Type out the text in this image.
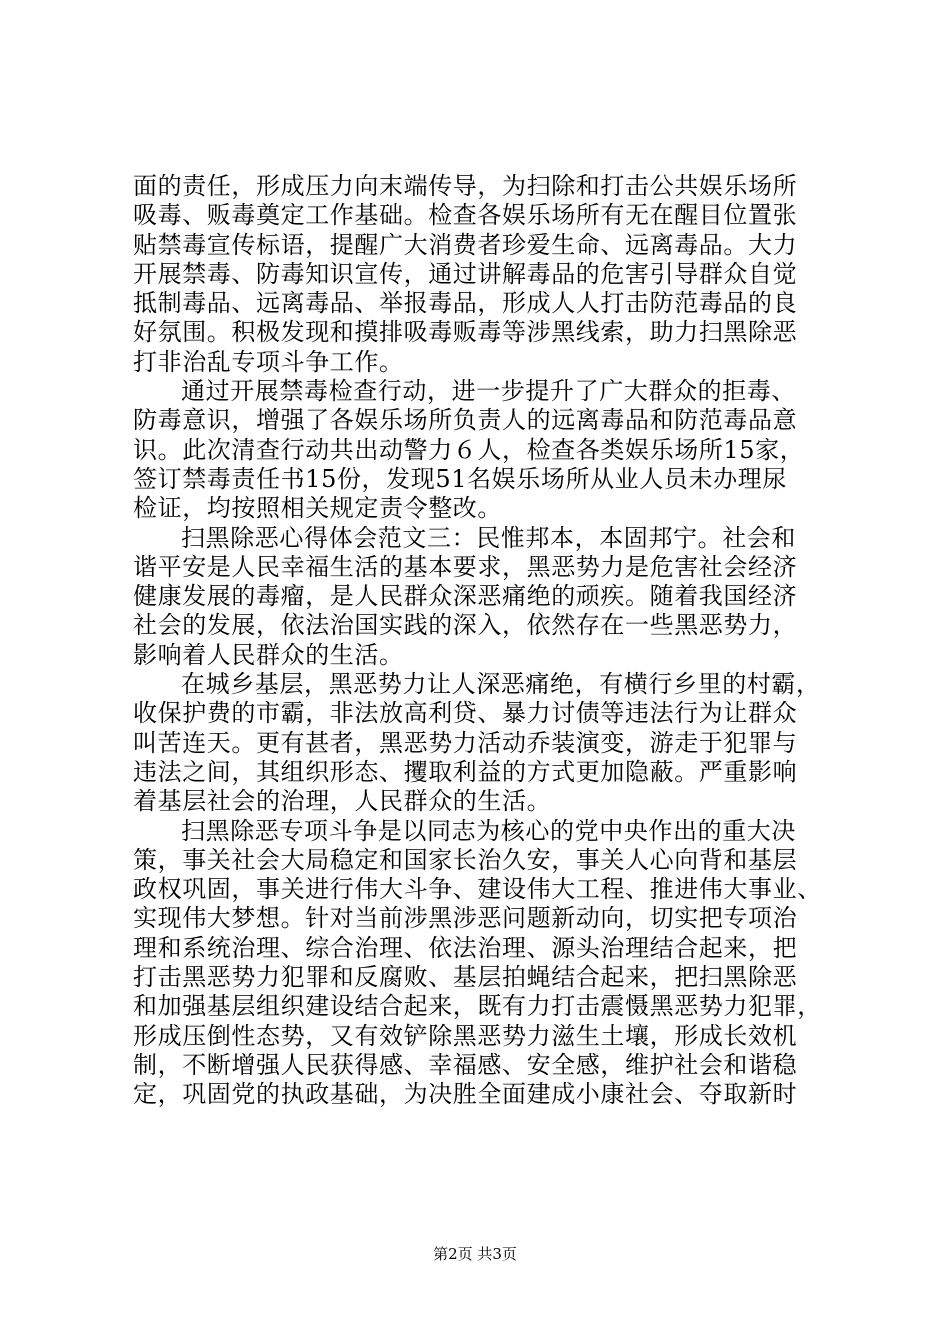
面的责任，形成压力向末端传导，为扫除和打击公共娱乐场所
吸毒、贩毒奠定工作基础。检查各娱乐场所有无在醒目位置张
贴禁毒宣传标语，提醒广大消费者珍爱生命、远离毒品。大力
开展禁毒、防毒知识宣传，通过讲解毒品的危害引导群众自觉
抵制毒品、远离毒品、举报毒品，形成人人打击防范毒品的良
好氛围。积极发现和摸排吸毒贩毒等涉黑线索，助力扫黑除恶
打非治乱专项斗争工作。
通过开展禁毒检查行动，进一步提升了广大群众的拒毒、
防毒意识，增强了各娱乐场所负责人的远离毒品和防范毒品意
识。此次清查行动共出动警力６人，检查各类娱乐场所15家，
签订禁毒责任书15份，发现51名娱乐场所从业人员未办理尿
检证，均按照相关规定责令整改。
扫黑除恶心得体会范文三：民惟邦本，本固邦宁。社会和
谐平安是人民幸福生活的基本要求，黑恶势力是危害社会经济
健康发展的毒瘤，是人民群众深恶痛绝的顽疾。随着我国经济
社会的发展，依法治国实践的深入，依然存在一些黑恶势力，
影响着人民群众的生活。
在城乡基层，黑恶势力让人深恶痛绝，有横行乡里的村霸，
收保护费的市霸，非法放高利贷、暴力讨债等违法行为让群众
叫苦连天。更有甚者，黑恶势力活动乔装演变，游走于犯罪与
违法之间，其组织形态、攫取利益的方式更加隐蔽。严重影响
着基层社会的治理，人民群众的生活。
扫黑除恶专项斗争是以同志为核心的党中央作出的重大决
策，事关社会大局稳定和国家长治久安，事关人心向背和基层
政权巩固，事关进行伟大斗争、建设伟大工程、推进伟大事业、
实现伟大梦想。针对当前涉黑涉恶问题新动向，切实把专项治
理和系统治理、综合治理、依法治理、源头治理结合起来，把
打击黑恶势力犯罪和反腐败、基层拍蝇结合起来，把扫黑除恶
和加强基层组织建设结合起来，既有力打击震慑黑恶势力犯罪，
形成压倒性态势，又有效铲除黑恶势力滋生土壤，形成长效机
制，不断增强人民获得感、幸福感、安全感，维护社会和谐稳
定，巩固党的执政基础，为决胜全面建成小康社会、夺取新时
第2页 共3页
